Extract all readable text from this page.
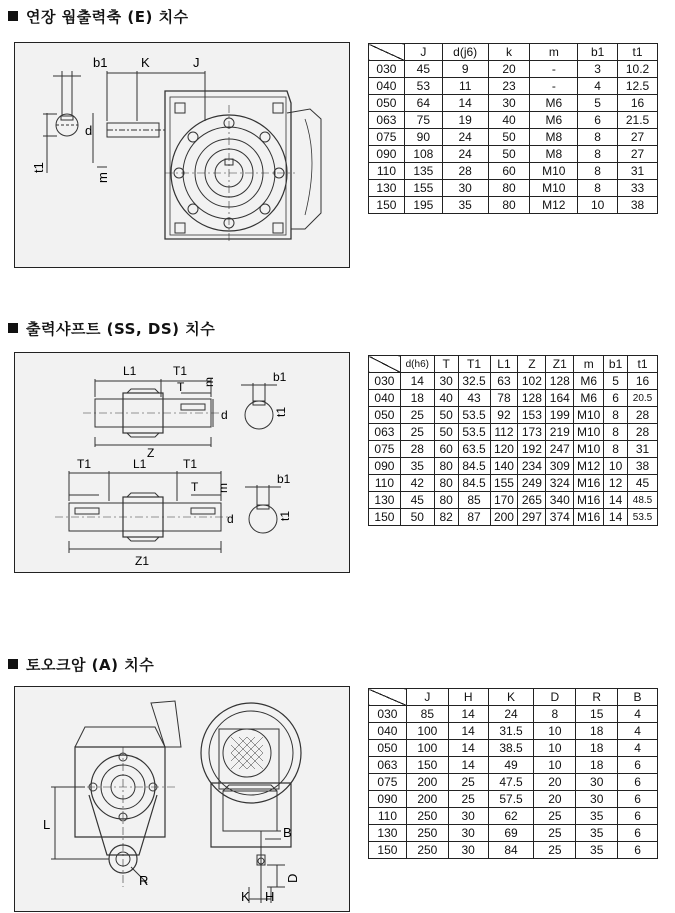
연장 웜출력축 (E) 치수
b1	K	J
d
m
t1
	J	d(j6)	k	m	b1	t1
030	45	9	20	-	3	10.2
040	53	11	23	-	4	12.5
050	64	14	30	M6	5	16
063	75	19	40	M6	6	21.5
075	90	24	50	M8	8	27
090	108	24	50	M8	8	27
110	135	28	60	M10	8	31
130	155	30	80	M10	8	33
150	195	35	80	M12	10	38
출력샤프트 (SS, DS) 치수
L1	T1
T m	b1
d	t1
Z
T1	L1	T1
T m
b1
d	t1
Z1
	d(h6)	T	T1	L1	Z	Z1	m	b1	t1
030	14	30	32.5	63	102	128	M6	5	16
040	18	40	43	78	128	164	M6	6	20.5
050	25	50	53.5	92	153	199	M10	8	28
063	25	50	53.5	112	173	219	M10	8	28
075	28	60	63.5	120	192	247	M10	8	31
090	35	80	84.5	140	234	309	M12	10	38
110	42	80	84.5	155	249	324	M16	12	45
130	45	80	85	170	265	340	M16	14	48.5
150	50	82	87	200	297	374	M16	14	53.5
토오크암 (A) 치수
L
R
B
D
K H
	J	H	K	D	R	B
030	85	14	24	8	15	4
040	100	14	31.5	10	18	4
050	100	14	38.5	10	18	4
063	150	14	49	10	18	6
075	200	25	47.5	20	30	6
090	200	25	57.5	20	30	6
110	250	30	62	25	35	6
130	250	30	69	25	35	6
150	250	30	84	25	35	6
